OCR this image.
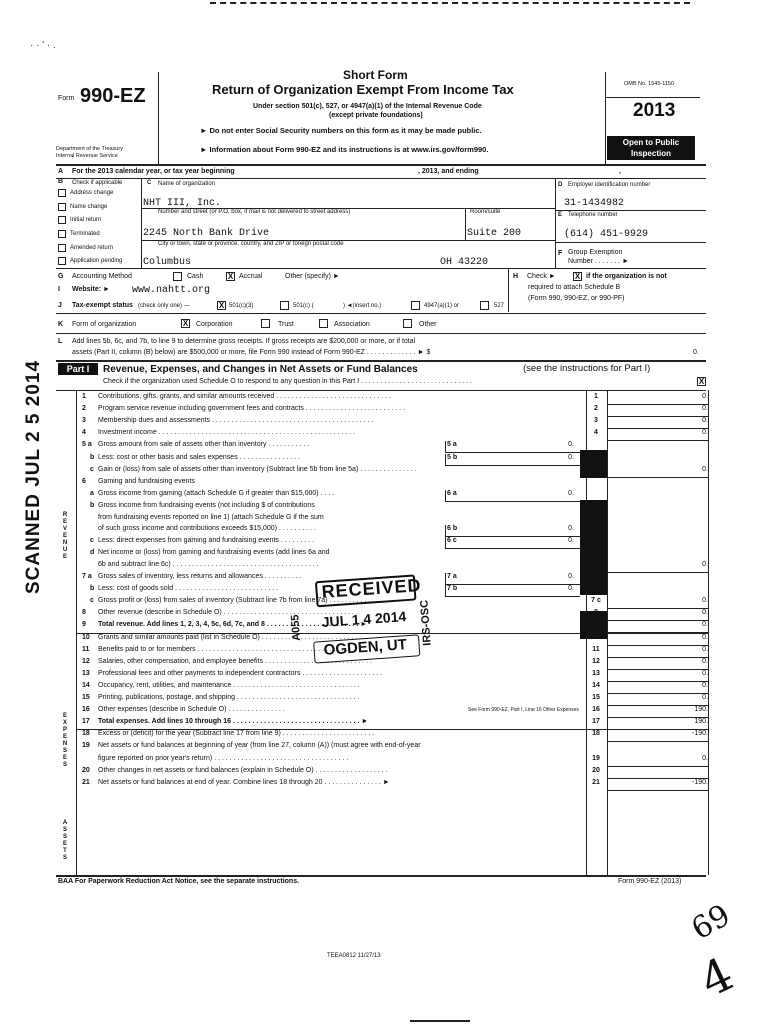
· · ' · .
Form 990-EZ
Short Form
Return of Organization Exempt From Income Tax
Under section 501(c), 527, or 4947(a)(1) of the Internal Revenue Code
(except private foundations)
► Do not enter Social Security numbers on this form as it may be made public.
► Information about Form 990-EZ and its instructions is at www.irs.gov/form990.
Department of the Treasury
Internal Revenue Service
OMB No. 1545-1150
2013
Open to Public
Inspection
A For the 2013 calendar year, or tax year beginning	, 2013, and ending	,
B Check if applicable
Address change
Name change
Initial return
Terminated
Amended return
Application pending
C Name of organization
NHT III, Inc.
Number and street (or P.O. box, if mail is not delivered to street address)	Room/suite
2245 North Bank Drive	Suite 200
City or town, state or province, country, and ZIP or foreign postal code
Columbus	OH 43220
D Employer identification number
31-1434982
E Telephone number
(614) 451-9929
F Group Exemption
Number . . . . . . . ►
G Accounting Method	Cash	X Accrual	Other (specify) ►	H Check ► X if the organization is not
required to attach Schedule B
(Form 990, 990-EZ, or 990-PF)
I Website: ► www.nahtt.org
J Tax-exempt status (check only one) —	X 501(c)(3)	501(c) (	) ◄(insert no.)	4947(a)(1) or	527
K Form of organization	X Corporation	Trust	Association	Other
L Add lines 5b, 6c, and 7b, to line 9 to determine gross receipts. If gross receipts are $200,000 or more, or if total
assets (Part II, column (B) below) are $500,000 or more, file Form 990 instead of Form 990-EZ . . . . . . . . . . . . . ► $	0.
Part I	Revenue, Expenses, and Changes in Net Assets or Fund Balances	(see the instructions for Part I)
Check if the organization used Schedule O to respond to any question in this Part I . . . . . . . . . . . . . . . . . . . . . . . . . . . . .	X
R
E
V
E
N
U
E
E
X
P
E
N
S
E
S
A
S
S
E
T
S
1 Contributions, gifts, grants, and similar amounts received . . . . . . . . . . . . . . . . . . . . . . . . . . . . . .	1	0.
2 Program service revenue including government fees and contracts . . . . . . . . . . . . . . . . . . . . . . . . . .	2	0.
3 Membership dues and assessments . . . . . . . . . . . . . . . . . . . . . . . . . . . . . . . . . . . . . . . . . .	3	0.
4 Investment income . . . . . . . . . . . . . . . . . . . . . . . . . . . . . . . . . . . . . . . . . . . . . . . . . . .	4	0.
5 a Gross amount from sale of assets other than inventory . . . . . . . . . . .	5 a	0.
b Less: cost or other basis and sales expenses . . . . . . . . . . . . . . . .	5 b	0.
c Gain or (loss) from sale of assets other than inventory (Subtract line 5b from line 5a) . . . . . . . . . . . . . . .	0.
6 Gaming and fundraising events
a Gross income from gaming (attach Schedule G if greater than $15,000) . . . .	6 a	0.
b Gross income from fundraising events (not including $ of contributions
from fundraising events reported on line 1) (attach Schedule G if the sum
of such gross income and contributions exceeds $15,000) . . . . . . . . . .	6 b	0.
c Less: direct expenses from gaming and fundraising events . . . . . . . . .	6 c	0.
d Net income or (loss) from gaming and fundraising events (add lines 6a and
6b and subtract line 6c) . . . . . . . . . . . . . . . . . . . . . . . . . . . . . . . . . . . . . .	0.
7 a Gross sales of inventory, less returns and allowances . . . . . . . . . .	7 a	0.
b Less: cost of goods sold . . . . . . . . . . . . . . . . . . . . . . . . . . .	7 b	0.
c Gross profit or (loss) from sales of inventory (Subtract line 7b from line 7a) . . . . . . . . . . . . .	7 c	0.
8 Other revenue (describe in Schedule O) . . . . . . . . . . . . . . . . . . . . . . . . . . . . . . . . . . .	0.
9 Total revenue. Add lines 1, 2, 3, 4, 5c, 6d, 7c, and 8 . . . . . . . . . . . . . . . . . . . . . . . . ►	0.
10 Grants and similar amounts paid (list in Schedule O) . . . . . . . . . . . . . . . . . . . . . . . . . . . .	0.
11 Benefits paid to or for members . . . . . . . . . . . . . . . . . . . . . . . . . . . . . . . . . . . . . . . .	11	0.
12 Salaries, other compensation, and employee benefits . . . . . . . . . . . . . . . . . . . . . . . . . . . .	12	0.
13 Professional fees and other payments to independent contractors . . . . . . . . . . . . . . . . . . . . .	13	0.
14 Occupancy, rent, utilities, and maintenance . . . . . . . . . . . . . . . . . . . . . . . . . . . . . . . . .	14	0.
15 Printing, publications, postage, and shipping . . . . . . . . . . . . . . . . . . . . . . . . . . . . . . . .	15	0.
16 Other expenses (describe in Schedule O) . . . . . . . . . . . . . . .	See Form 990-EZ, Part I, Line 16 Other Expenses	16	190.
17 Total expenses. Add lines 10 through 16 . . . . . . . . . . . . . . . . . . . . . . . . . . . . . . . . . ►	17	190.
18 Excess or (deficit) for the year (Subtract line 17 from line 9) . . . . . . . . . . . . . . . . . . . . . . . .	18	-190.
19 Net assets or fund balances at beginning of year (from line 27, column (A)) (must agree with end-of-year
figure reported on prior year's return) . . . . . . . . . . . . . . . . . . . . . . . . . . . . . . . . . . .	19	0.
20 Other changes in net assets or fund balances (explain in Schedule O) . . . . . . . . . . . . . . . . . . .	20
21 Net assets or fund balances at end of year. Combine lines 18 through 20 . . . . . . . . . . . . . . . ►	21	-190.
BAA For Paperwork Reduction Act Notice, see the separate instructions.	Form 990-EZ (2013)
TEEA0812 11/27/13
SCANNED JUL 2 5 2014	RECEIVED
JUL 1 4 2014
OGDEN, UT
A055	IRS-OSC
69
4
